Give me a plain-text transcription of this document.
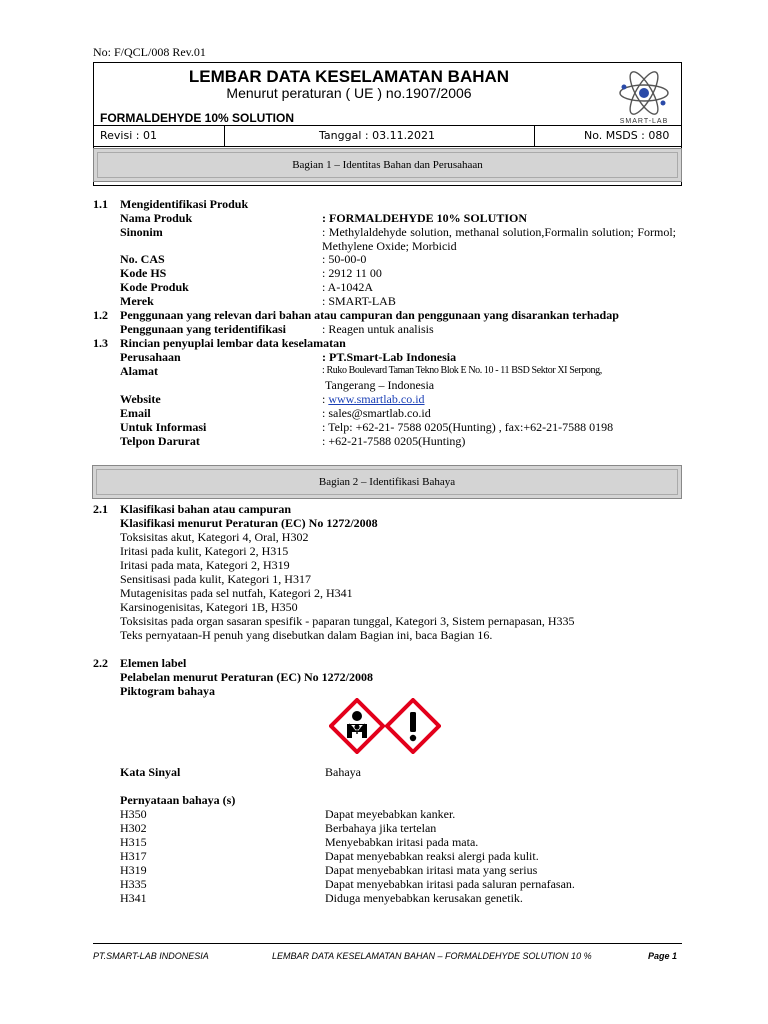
No: F/QCL/008 Rev.01
LEMBAR DATA KESELAMATAN BAHAN
Menurut peraturan ( UE ) no.1907/2006
FORMALDEHYDE 10% SOLUTION	SMART-LAB
Revisi : 01	Tanggal : 03.11.2021	No. MSDS : 080
Bagian 1 – Identitas Bahan dan Perusahaan
1.1 Mengidentifikasi Produk
Nama Produk	: FORMALDEHYDE 10% SOLUTION
Sinonim	: Methylaldehyde solution, methanal solution,Formalin solution; Formol; Methylene Oxide; Morbicid
No. CAS	: 50-00-0
Kode HS	: 2912 11 00
Kode Produk	: A-1042A
Merek	: SMART-LAB
1.2 Penggunaan yang relevan dari bahan atau campuran dan penggunaan yang disarankan terhadap
Penggunaan yang teridentifikasi	: Reagen untuk analisis
1.3 Rincian penyuplai lembar data keselamatan
Perusahaan	: PT.Smart-Lab Indonesia
Alamat	: Ruko Boulevard Taman Tekno Blok E No. 10 - 11 BSD Sektor XI Serpong,
Tangerang – Indonesia
Website	: www.smartlab.co.id
Email	: sales@smartlab.co.id
Untuk Informasi	: Telp: +62-21- 7588 0205(Hunting) , fax:+62-21-7588 0198
Telpon Darurat	: +62-21-7588 0205(Hunting)
Bagian 2 – Identifikasi Bahaya
2.1 Klasifikasi bahan atau campuran
Klasifikasi menurut Peraturan (EC) No 1272/2008
Toksisitas akut, Kategori 4, Oral, H302
Iritasi pada kulit, Kategori 2, H315
Iritasi pada mata, Kategori 2, H319
Sensitisasi pada kulit, Kategori 1, H317
Mutagenisitas pada sel nutfah, Kategori 2, H341
Karsinogenisitas, Kategori 1B, H350
Toksisitas pada organ sasaran spesifik - paparan tunggal, Kategori 3, Sistem pernapasan, H335
Teks pernyataan-H penuh yang disebutkan dalam Bagian ini, baca Bagian 16.
2.2 Elemen label
Pelabelan menurut Peraturan (EC) No 1272/2008
Piktogram bahaya
Kata Sinyal	Bahaya
Pernyataan bahaya (s)
H350	Dapat meyebabkan kanker.
H302	Berbahaya jika tertelan
H315	Menyebabkan iritasi pada mata.
H317	Dapat menyebabkan reaksi alergi pada kulit.
H319	Dapat menyebabkan iritasi mata yang serius
H335	Dapat menyebabkan iritasi pada saluran pernafasan.
H341	Diduga menyebabkan kerusakan genetik.
PT.SMART-LAB INDONESIA	LEMBAR DATA KESELAMATAN BAHAN – FORMALDEHYDE SOLUTION 10 %	Page 1
